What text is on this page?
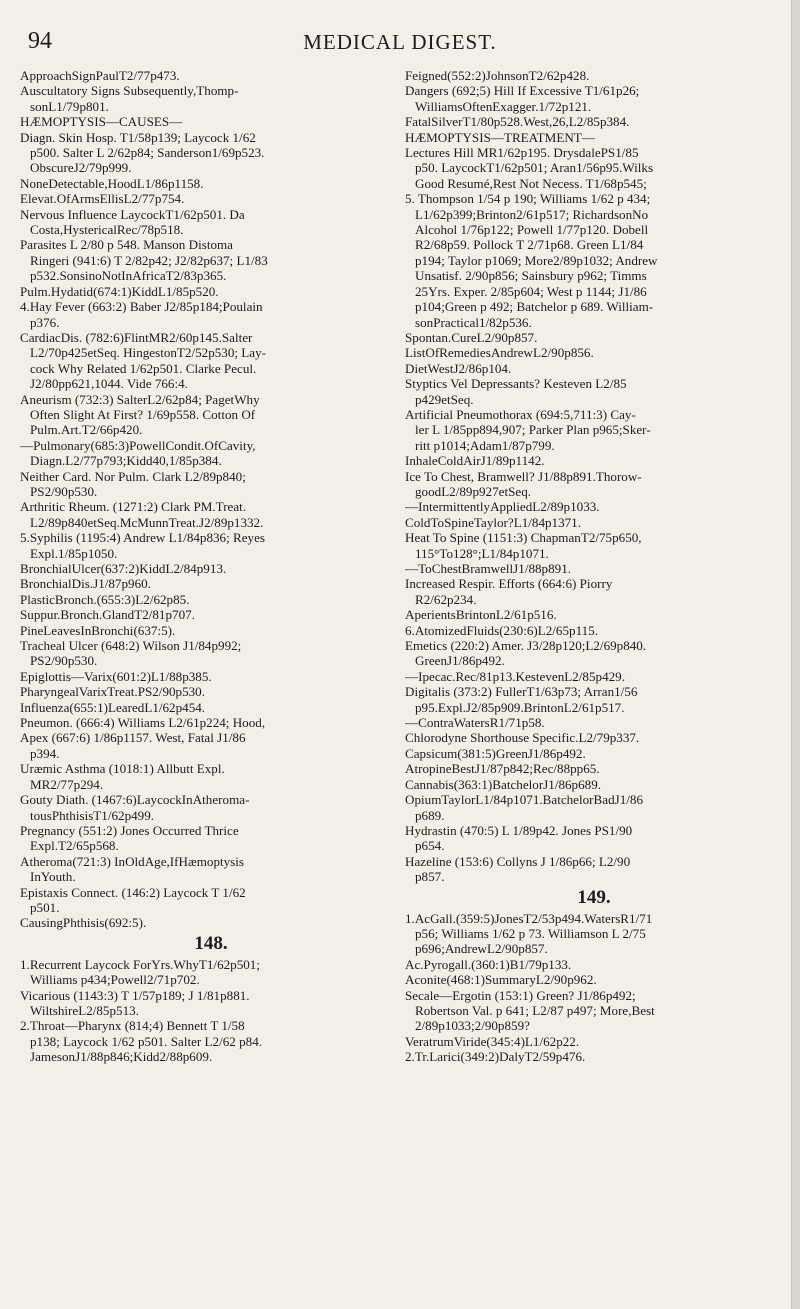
94	MEDICAL DIGEST.
ApproachSignPaulT2/77p473.
Auscultatory Signs Subsequently,Thomp-
sonL1/79p801.
HÆMOPTYSIS—CAUSES—
Diagn. Skin Hosp. T1/58p139; Laycock 1/62
p500. Salter L 2/62p84; Sanderson1/69p523.
ObscureJ2/79p999.
NoneDetectable,HoodL1/86p1158.
Elevat.OfArmsEllisL2/77p754.
Nervous Influence LaycockT1/62p501. Da
Costa,HystericalRec/78p518.
Parasites L 2/80 p 548. Manson Distoma
Ringeri (941:6) T 2/82p42; J2/82p637; L1/83
p532.SonsinoNotInAfricaT2/83p365.
Pulm.Hydatid(674:1)KiddL1/85p520.
4.Hay Fever (663:2) Baber J2/85p184;Poulain
p376.
CardiacDis. (782:6)FlintMR2/60p145.Salter
L2/70p425etSeq. HingestonT2/52p530; Lay-
cock Why Related 1/62p501. Clarke Pecul.
J2/80pp621,1044. Vide 766:4.
Aneurism (732:3) SalterL2/62p84; PagetWhy
Often Slight At First? 1/69p558. Cotton Of
Pulm.Art.T2/66p420.
—Pulmonary(685:3)PowellCondit.OfCavity,
Diagn.L2/77p793;Kidd40,1/85p384.
Neither Card. Nor Pulm. Clark L2/89p840;
PS2/90p530.
Arthritic Rheum. (1271:2) Clark PM.Treat.
L2/89p840etSeq.McMunnTreat.J2/89p1332.
5.Syphilis (1195:4) Andrew L1/84p836; Reyes
Expl.1/85p1050.
BronchialUlcer(637:2)KiddL2/84p913.
BronchialDis.J1/87p960.
PlasticBronch.(655:3)L2/62p85.
Suppur.Bronch.GlandT2/81p707.
PineLeavesInBronchi(637:5).
Tracheal Ulcer (648:2) Wilson J1/84p992;
PS2/90p530.
Epiglottis—Varix(601:2)L1/88p385.
PharyngealVarixTreat.PS2/90p530.
Influenza(655:1)LearedL1/62p454.
Pneumon. (666:4) Williams L2/61p224; Hood,
Apex (667:6) 1/86p1157. West, Fatal J1/86
p394.
Uræmic Asthma (1018:1) Allbutt Expl.
MR2/77p294.
Gouty Diath. (1467:6)LaycockInAtheroma-
tousPhthisisT1/62p499.
Pregnancy (551:2) Jones Occurred Thrice
Expl.T2/65p568.
Atheroma(721:3) InOldAge,IfHæmoptysis
InYouth.
Epistaxis Connect. (146:2) Laycock T 1/62
p501.
CausingPhthisis(692:5).
148.
1.Recurrent Laycock ForYrs.WhyT1/62p501;
Williams p434;Powell2/71p702.
Vicarious (1143:3) T 1/57p189; J 1/81p881.
WiltshireL2/85p513.
2.Throat—Pharynx (814;4) Bennett T 1/58
p138; Laycock 1/62 p501. Salter L2/62 p84.
JamesonJ1/88p846;Kidd2/88p609.
Feigned(552:2)JohnsonT2/62p428.
Dangers (692;5) Hill If Excessive T1/61p26;
WilliamsOftenExagger.1/72p121.
FatalSilverT1/80p528.West,26,L2/85p384.
HÆMOPTYSIS—TREATMENT—
Lectures Hill MR1/62p195. DrysdalePS1/85
p50. LaycockT1/62p501; Aran1/56p95.Wilks
Good Resumé,Rest Not Necess. T1/68p545;
5. Thompson 1/54 p 190; Williams 1/62 p 434;
L1/62p399;Brinton2/61p517; RichardsonNo
Alcohol 1/76p122; Powell 1/77p120. Dobell
R2/68p59. Pollock T 2/71p68. Green L1/84
p194; Taylor p1069; More2/89p1032; Andrew
Unsatisf. 2/90p856; Sainsbury p962; Timms
25Yrs. Exper. 2/85p604; West p 1144; J1/86
p104;Green p 492; Batchelor p 689. William-
sonPractical1/82p536.
Spontan.CureL2/90p857.
ListOfRemediesAndrewL2/90p856.
DietWestJ2/86p104.
Styptics Vel Depressants? Kesteven L2/85
p429etSeq.
Artificial Pneumothorax (694:5,711:3) Cay-
ler L 1/85pp894,907; Parker Plan p965;Sker-
ritt p1014;Adam1/87p799.
InhaleColdAirJ1/89p1142.
Ice To Chest, Bramwell? J1/88p891.Thorow-
goodL2/89p927etSeq.
—IntermittentlyAppliedL2/89p1033.
ColdToSpineTaylor?L1/84p1371.
Heat To Spine (1151:3) ChapmanT2/75p650,
115°To128°;L1/84p1071.
—ToChestBramwellJ1/88p891.
Increased Respir. Efforts (664:6) Piorry
R2/62p234.
AperientsBrintonL2/61p516.
6.AtomizedFluids(230:6)L2/65p115.
Emetics (220:2) Amer. J3/28p120;L2/69p840.
GreenJ1/86p492.
—Ipecac.Rec/81p13.KestevenL2/85p429.
Digitalis (373:2) FullerT1/63p73; Arran1/56
p95.Expl.J2/85p909.BrintonL2/61p517.
—ContraWatersR1/71p58.
Chlorodyne Shorthouse Specific.L2/79p337.
Capsicum(381:5)GreenJ1/86p492.
AtropineBestJ1/87p842;Rec/88pp65.
Cannabis(363:1)BatchelorJ1/86p689.
OpiumTaylorL1/84p1071.BatchelorBadJ1/86
p689.
Hydrastin (470:5) L 1/89p42. Jones PS1/90
p654.
Hazeline (153:6) Collyns J 1/86p66; L2/90
p857.
149.
1.AcGall.(359:5)JonesT2/53p494.WatersR1/71
p56; Williams 1/62 p 73. Williamson L 2/75
p696;AndrewL2/90p857.
Ac.Pyrogall.(360:1)B1/79p133.
Aconite(468:1)SummaryL2/90p962.
Secale—Ergotin (153:1) Green? J1/86p492;
Robertson Val. p 641; L2/87 p497; More,Best
2/89p1033;2/90p859?
VeratrumViride(345:4)L1/62p22.
2.Tr.Larici(349:2)DalyT2/59p476.
